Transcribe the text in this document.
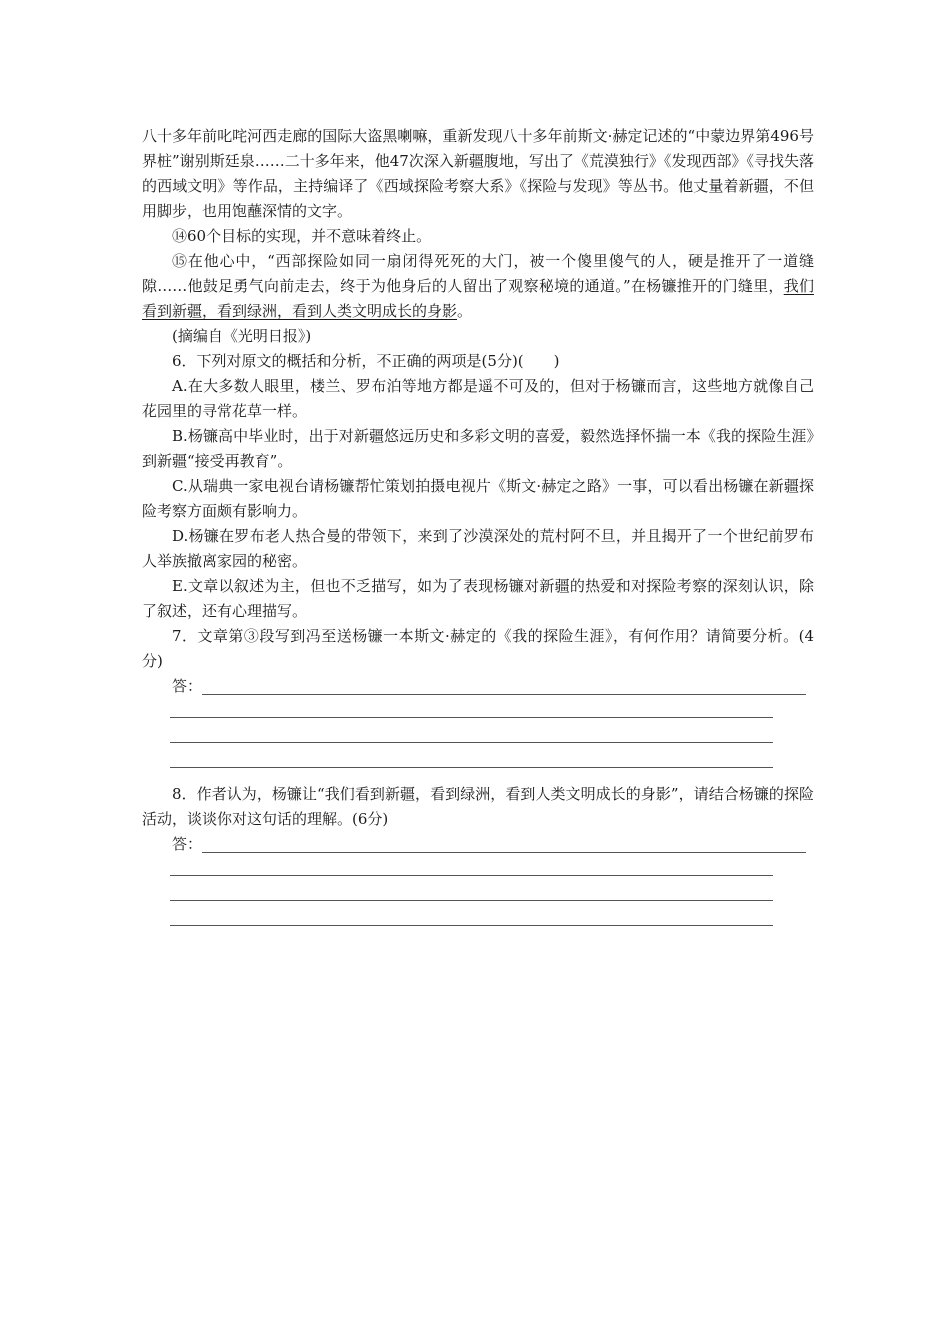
八十多年前叱咤河西走廊的国际大盗黑喇嘛，重新发现八十多年前斯文·赫定记述的“中蒙边界第496号界桩”谢别斯廷泉……二十多年来，他47次深入新疆腹地，写出了《荒漠独行》《发现西部》《寻找失落的西域文明》等作品，主持编译了《西域探险考察大系》《探险与发现》等丛书。他丈量着新疆，不但用脚步，也用饱蘸深情的文字。

⑭60个目标的实现，并不意味着终止。

⑮在他心中，“西部探险如同一扇闭得死死的大门，被一个傻里傻气的人，硬是推开了一道缝隙……他鼓足勇气向前走去，终于为他身后的人留出了观察秘境的通道。”在杨镰推开的门缝里，我们看到新疆，看到绿洲，看到人类文明成长的身影。

(摘编自《光明日报》)

6．下列对原文的概括和分析，不正确的两项是(5分)(　　)

A.在大多数人眼里，楼兰、罗布泊等地方都是遥不可及的，但对于杨镰而言，这些地方就像自己花园里的寻常花草一样。

B.杨镰高中毕业时，出于对新疆悠远历史和多彩文明的喜爱，毅然选择怀揣一本《我的探险生涯》到新疆“接受再教育”。

C.从瑞典一家电视台请杨镰帮忙策划拍摄电视片《斯文·赫定之路》一事，可以看出杨镰在新疆探险考察方面颇有影响力。

D.杨镰在罗布老人热合曼的带领下，来到了沙漠深处的荒村阿不旦，并且揭开了一个世纪前罗布人举族撤离家园的秘密。

E.文章以叙述为主，但也不乏描写，如为了表现杨镰对新疆的热爱和对探险考察的深刻认识，除了叙述，还有心理描写。

7．文章第③段写到冯至送杨镰一本斯文·赫定的《我的探险生涯》，有何作用？请简要分析。(4分)

答：

8．作者认为，杨镰让“我们看到新疆，看到绿洲，看到人类文明成长的身影”，请结合杨镰的探险活动，谈谈你对这句话的理解。(6分)

答：
